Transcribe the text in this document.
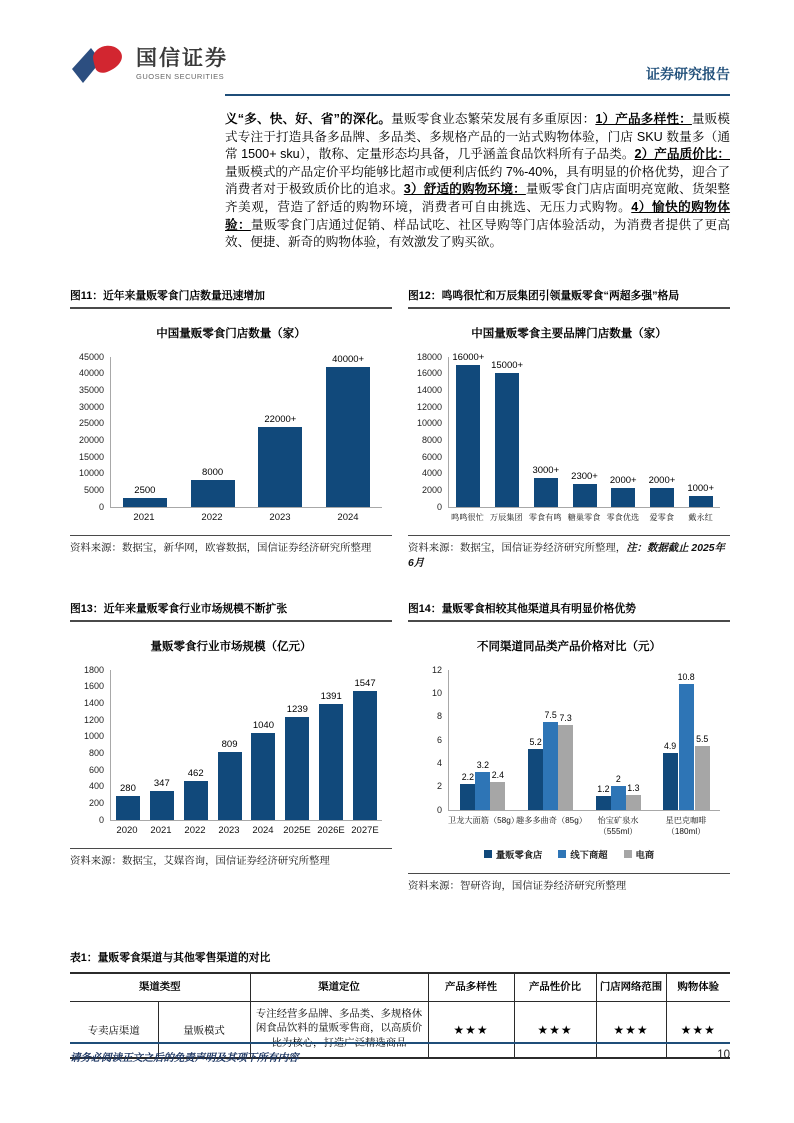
国信证券
GUOSEN SECURITIES	证券研究报告
义“多、快、好、省”的深化。量贩零食业态繁荣发展有多重原因：1）产品多样性：量贩模式专注于打造具备多品牌、多品类、多规格产品的一站式购物体验，门店 SKU 数量多（通常 1500+ sku），散称、定量形态均具备，几乎涵盖食品饮料所有子品类。2）产品质价比：量贩模式的产品定价平均能够比超市或便利店低约 7%-40%，具有明显的价格优势，迎合了消费者对于极致质价比的追求。3）舒适的购物环境：量贩零食门店店面明亮宽敞、货架整齐美观，营造了舒适的购物环境，消费者可自由挑选、无压力式购物。4）愉快的购物体验：量贩零食门店通过促销、样品试吃、社区导购等门店体验活动，为消费者提供了更高效、便捷、新奇的购物体验，有效激发了购买欲。
图11：近年来量贩零食门店数量迅速增加
中国量贩零食门店数量（家）
0
5000
10000
15000
20000
25000
30000
35000
40000
45000
2500
8000
22000+
40000+
2021	2022	2023	2024
资料来源：数据宝，新华网，欧睿数据，国信证券经济研究所整理
图12：鸣鸣很忙和万辰集团引领量贩零食“两超多强”格局
中国量贩零食主要品牌门店数量（家）
0
2000
4000
6000
8000
10000
12000
14000
16000
18000 16000+
15000+
3000+
2300+ 2000+ 2000+
1000+
鸣鸣很忙 万辰集团 零食有鸣 糖巢零食 零食优选	爱零食	戴永红
资料来源：数据宝，国信证券经济研究所整理，注：数据截止 2025年6月
图13：近年来量贩零食行业市场规模不断扩张
量贩零食行业市场规模（亿元）
0
200
400
600
800
1000
1200
1400
1600
1800
280
347
462
809
1040
1239
1391
1547
2020	2021	2022	2023	2024	2025E 2026E 2027E
资料来源：数据宝，艾媒咨询，国信证券经济研究所整理
图14：量贩零食相较其他渠道具有明显价格优势
不同渠道同品类产品价格对比（元）
0
2
4
6
8
10
12
2.2
3.2
2.4
5.2
7.5 7.3
1.2
2
1.3
4.9
10.8
5.5
卫龙大面筋（58g）
趣多多曲奇（85g）	怡宝矿泉水（555ml）
星巴克咖啡（180ml）
量贩零食店	线下商超	电商
资料来源：智研咨询，国信证券经济研究所整理
表1：量贩零食渠道与其他零售渠道的对比
渠道类型		渠道定位	产品多样性	产品性价比	门店网络范围	购物体验
专卖店渠道	量贩模式	专注经营多品牌、多品类、多规格休闲食品饮料的量贩零售商，以高质价比为核心，打造广泛精选商品	★★★	★★★	★★★	★★★
请务必阅读正文之后的免责声明及其项下所有内容	10
